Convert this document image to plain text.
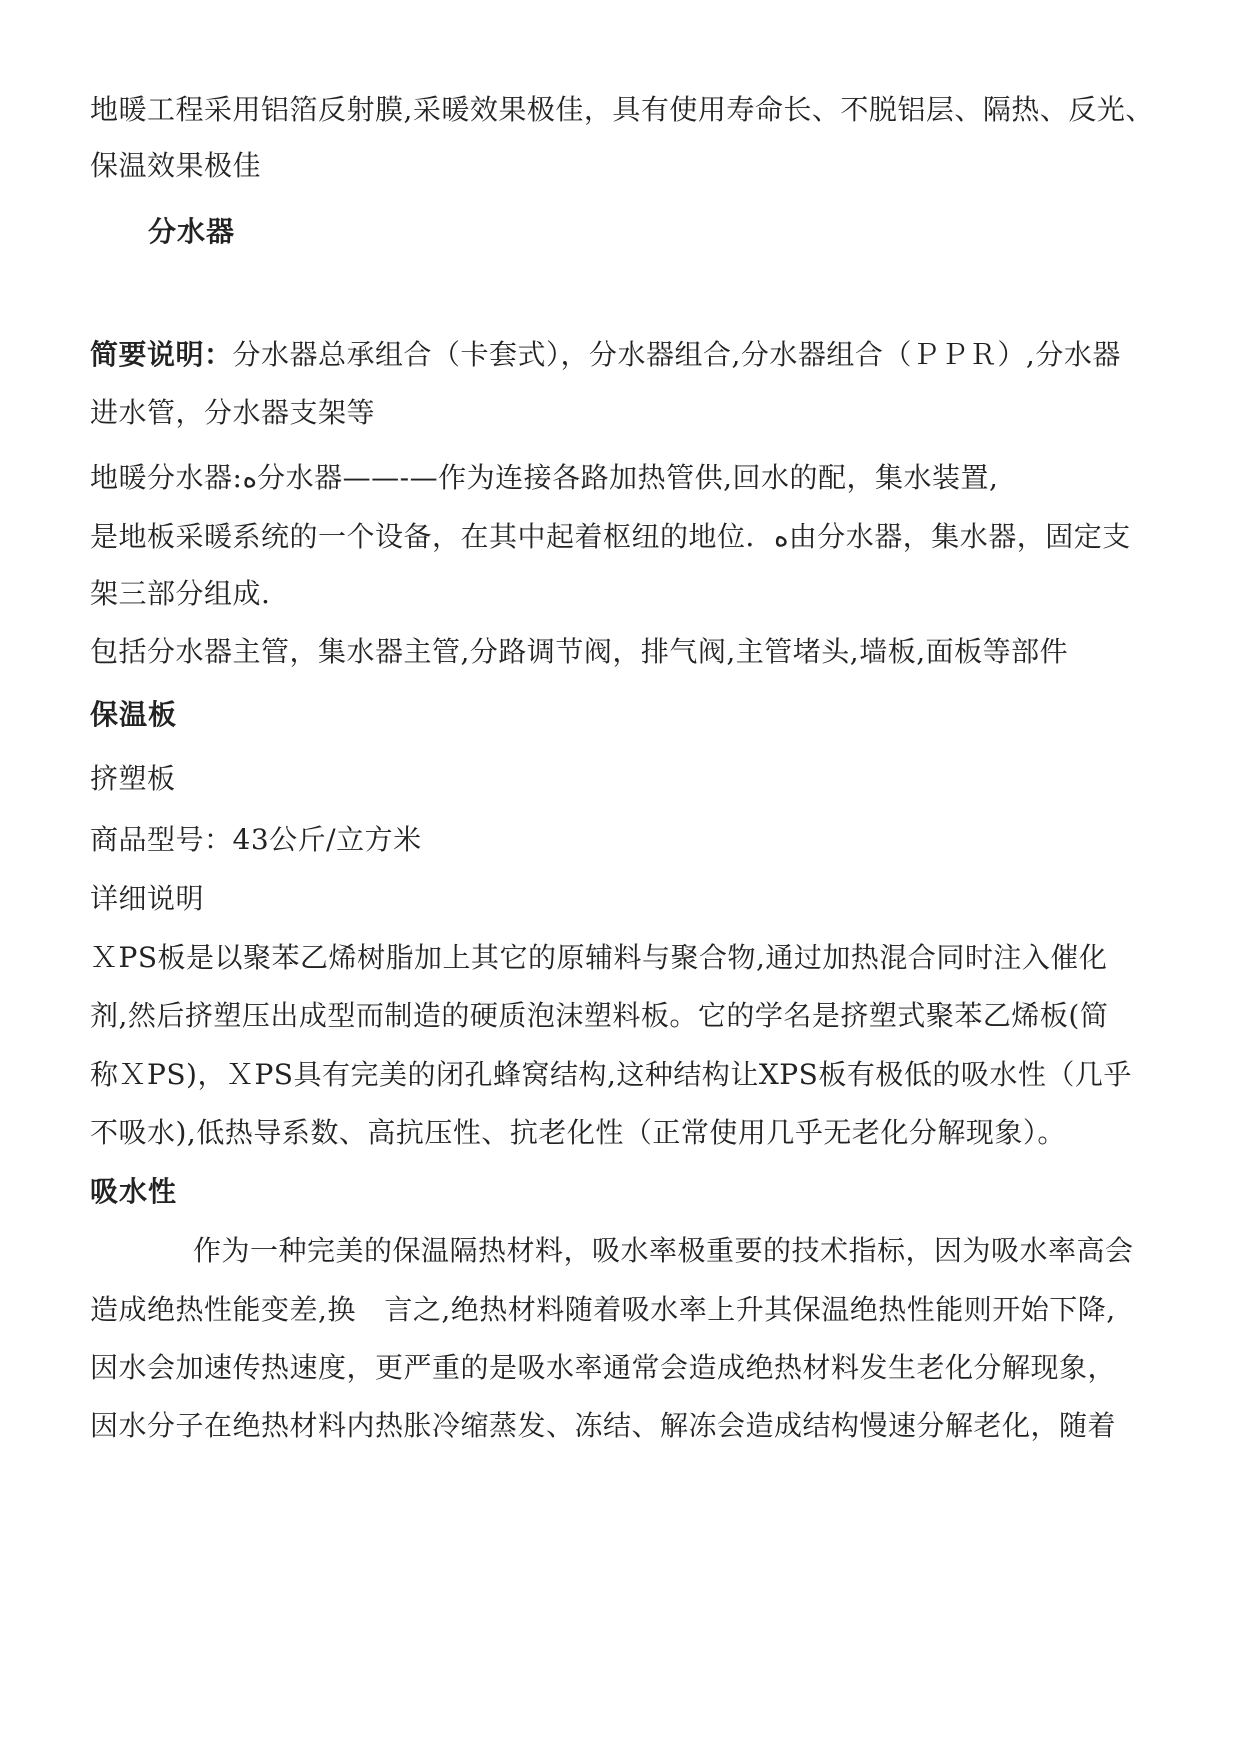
地暖工程采用铝箔反射膜,采暖效果极佳，具有使用寿命长、不脱铝层、隔热、反光、
保温效果极佳
分水器
简要说明：分水器总承组合（卡套式），分水器组合,分水器组合（ＰＰＲ）,分水器
进水管，分水器支架等
地暖分水器:ﻩ分水器——-—作为连接各路加热管供,回水的配，集水装置,
是地板采暖系统的一个设备，在其中起着枢纽的地位．ﻩ由分水器，集水器，固定支
架三部分组成.
包括分水器主管，集水器主管,分路调节阀，排气阀,主管堵头,墙板,面板等部件
保温板
挤塑板
商品型号：43公斤/立方米
详细说明
ＸPS板是以聚苯乙烯树脂加上其它的原辅料与聚合物,通过加热混合同时注入催化
剂,然后挤塑压出成型而制造的硬质泡沫塑料板。它的学名是挤塑式聚苯乙烯板(简
称ＸPS)，ＸPS具有完美的闭孔蜂窝结构,这种结构让XPS板有极低的吸水性（几乎
不吸水),低热导系数、高抗压性、抗老化性（正常使用几乎无老化分解现象）。
吸水性
作为一种完美的保温隔热材料，吸水率极重要的技术指标，因为吸水率高会
造成绝热性能变差,换　言之,绝热材料随着吸水率上升其保温绝热性能则开始下降,
因水会加速传热速度，更严重的是吸水率通常会造成绝热材料发生老化分解现象，
因水分子在绝热材料内热胀冷缩蒸发、冻结、解冻会造成结构慢速分解老化，随着
